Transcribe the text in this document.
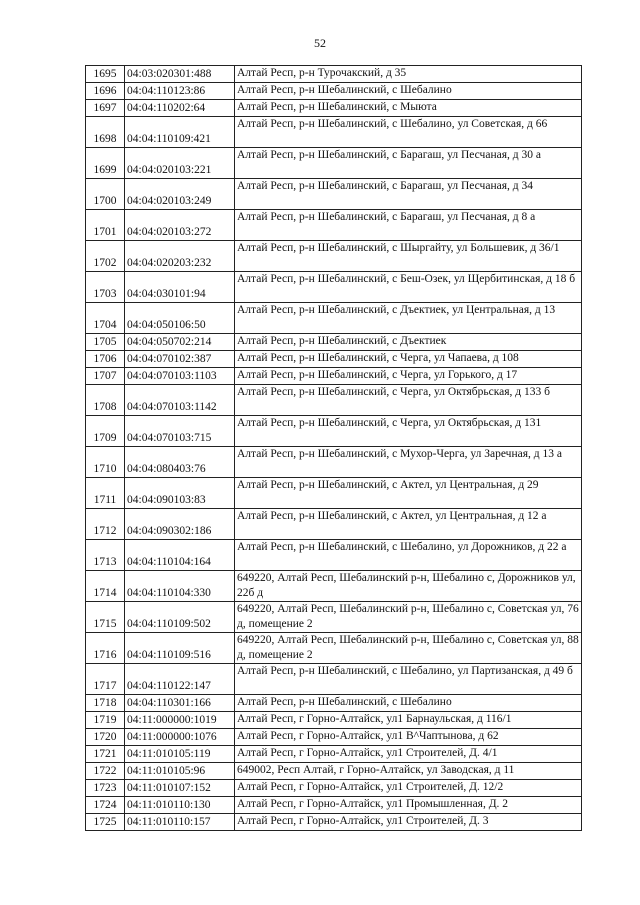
52
1695	04:03:020301:488	Алтай Респ, р-н Турочакский, д 35
1696	04:04:110123:86	Алтай Респ, р-н Шебалинский, с Шебалино
1697	04:04:110202:64	Алтай Респ, р-н Шебалинский, с Мыюта
1698	04:04:110109:421	Алтай Респ, р-н Шебалинский, с Шебалино, ул Советская, д 66
1699	04:04:020103:221	Алтай Респ, р-н Шебалинский, с Барагаш, ул Песчаная, д 30 а
1700	04:04:020103:249	Алтай Респ, р-н Шебалинский, с Барагаш, ул Песчаная, д 34
1701	04:04:020103:272	Алтай Респ, р-н Шебалинский, с Барагаш, ул Песчаная, д 8 а
1702	04:04:020203:232	Алтай Респ, р-н Шебалинский, с Шыргайту, ул Большевик, д 36/1
1703	04:04:030101:94	Алтай Респ, р-н Шебалинский, с Беш-Озек, ул Щербитинская, д 18 б
1704	04:04:050106:50	Алтай Респ, р-н Шебалинский, с Дъектиек, ул Центральная, д 13
1705	04:04:050702:214	Алтай Респ, р-н Шебалинский, с Дъектиек
1706	04:04:070102:387	Алтай Респ, р-н Шебалинский, с Черга, ул Чапаева, д 108
1707	04:04:070103:1103	Алтай Респ, р-н Шебалинский, с Черга, ул Горького, д 17
1708	04:04:070103:1142	Алтай Респ, р-н Шебалинский, с Черга, ул Октябрьская, д 133 б
1709	04:04:070103:715	Алтай Респ, р-н Шебалинский, с Черга, ул Октябрьская, д 131
1710	04:04:080403:76	Алтай Респ, р-н Шебалинский, с Мухор-Черга, ул Заречная, д 13 а
1711	04:04:090103:83	Алтай Респ, р-н Шебалинский, с Актел, ул Центральная, д 29
1712	04:04:090302:186	Алтай Респ, р-н Шебалинский, с Актел, ул Центральная, д 12 а
1713	04:04:110104:164	Алтай Респ, р-н Шебалинский, с Шебалино, ул Дорожников, д 22 а
1714	04:04:110104:330	649220, Алтай Респ, Шебалинский р-н, Шебалино с, Дорожников ул, 22б д
1715	04:04:110109:502	649220, Алтай Респ, Шебалинский р-н, Шебалино с, Советская ул, 76 д, помещение 2
1716	04:04:110109:516	649220, Алтай Респ, Шебалинский р-н, Шебалино с, Советская ул, 88 д, помещение 2
1717	04:04:110122:147	Алтай Респ, р-н Шебалинский, с Шебалино, ул Партизанская, д 49 б
1718	04:04:110301:166	Алтай Респ, р-н Шебалинский, с Шебалино
1719	04:11:000000:1019	Алтай Респ, г Горно-Алтайск, ул1 Барнаульская, д 116/1
1720	04:11:000000:1076	Алтай Респ, г Горно-Алтайск, ул1 В^Чаптынова, д 62
1721	04:11:010105:119	Алтай Респ, г Горно-Алтайск, ул1 Строителей, Д. 4/1
1722	04:11:010105:96	649002, Респ Алтай, г Горно-Алтайск, ул Заводская, д 11
1723	04:11:010107:152	Алтай Респ, г Горно-Алтайск, ул1 Строителей, Д. 12/2
1724	04:11:010110:130	Алтай Респ, г Горно-Алтайск, ул1 Промышленная, Д. 2
1725	04:11:010110:157	Алтай Респ, г Горно-Алтайск, ул1 Строителей, Д. 3
